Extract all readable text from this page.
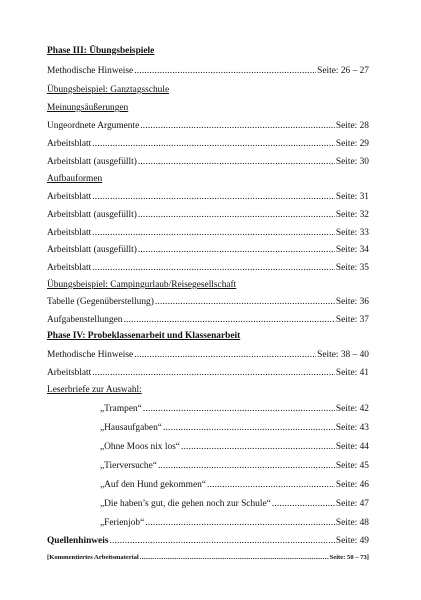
Phase III: Übungsbeispiele
Methodische Hinweise .....	Seite: 26 – 27
Übungsbeispiel: Ganztagsschule
Meinungsäußerungen
Ungeordnete Argumente .....	Seite: 28
Arbeitsblatt .....	Seite: 29
Arbeitsblatt (ausgefüllt) .....	Seite: 30
Aufbauformen
Arbeitsblatt .....	Seite: 31
Arbeitsblatt (ausgefüllt) .....	Seite: 32
Arbeitsblatt .....	Seite: 33
Arbeitsblatt (ausgefüllt) .....	Seite: 34
Arbeitsblatt .....	Seite: 35
Übungsbeispiel: Campingurlaub/Reisegesellschaft
Tabelle (Gegenüberstellung) .....	Seite: 36
Aufgabenstellungen .....	Seite: 37
Phase IV: Probeklassenarbeit und Klassenarbeit
Methodische Hinweise .....	Seite: 38 – 40
Arbeitsblatt .....	Seite: 41
Leserbriefe zur Auswahl:
„Trampen“ .....	Seite: 42
„Hausaufgaben“ .....	Seite: 43
„Ohne Moos nix los“ .....	Seite: 44
„Tierversuche“ .....	Seite: 45
„Auf den Hund gekommen“ .....	Seite: 46
„Die haben’s gut, die gehen noch zur Schule“ .....	Seite: 47
„Ferienjob“ .....	Seite: 48
Quellenhinweis .....	Seite: 49
[Kommentiertes Arbeitsmaterial .....	Seite: 50 – 73]
